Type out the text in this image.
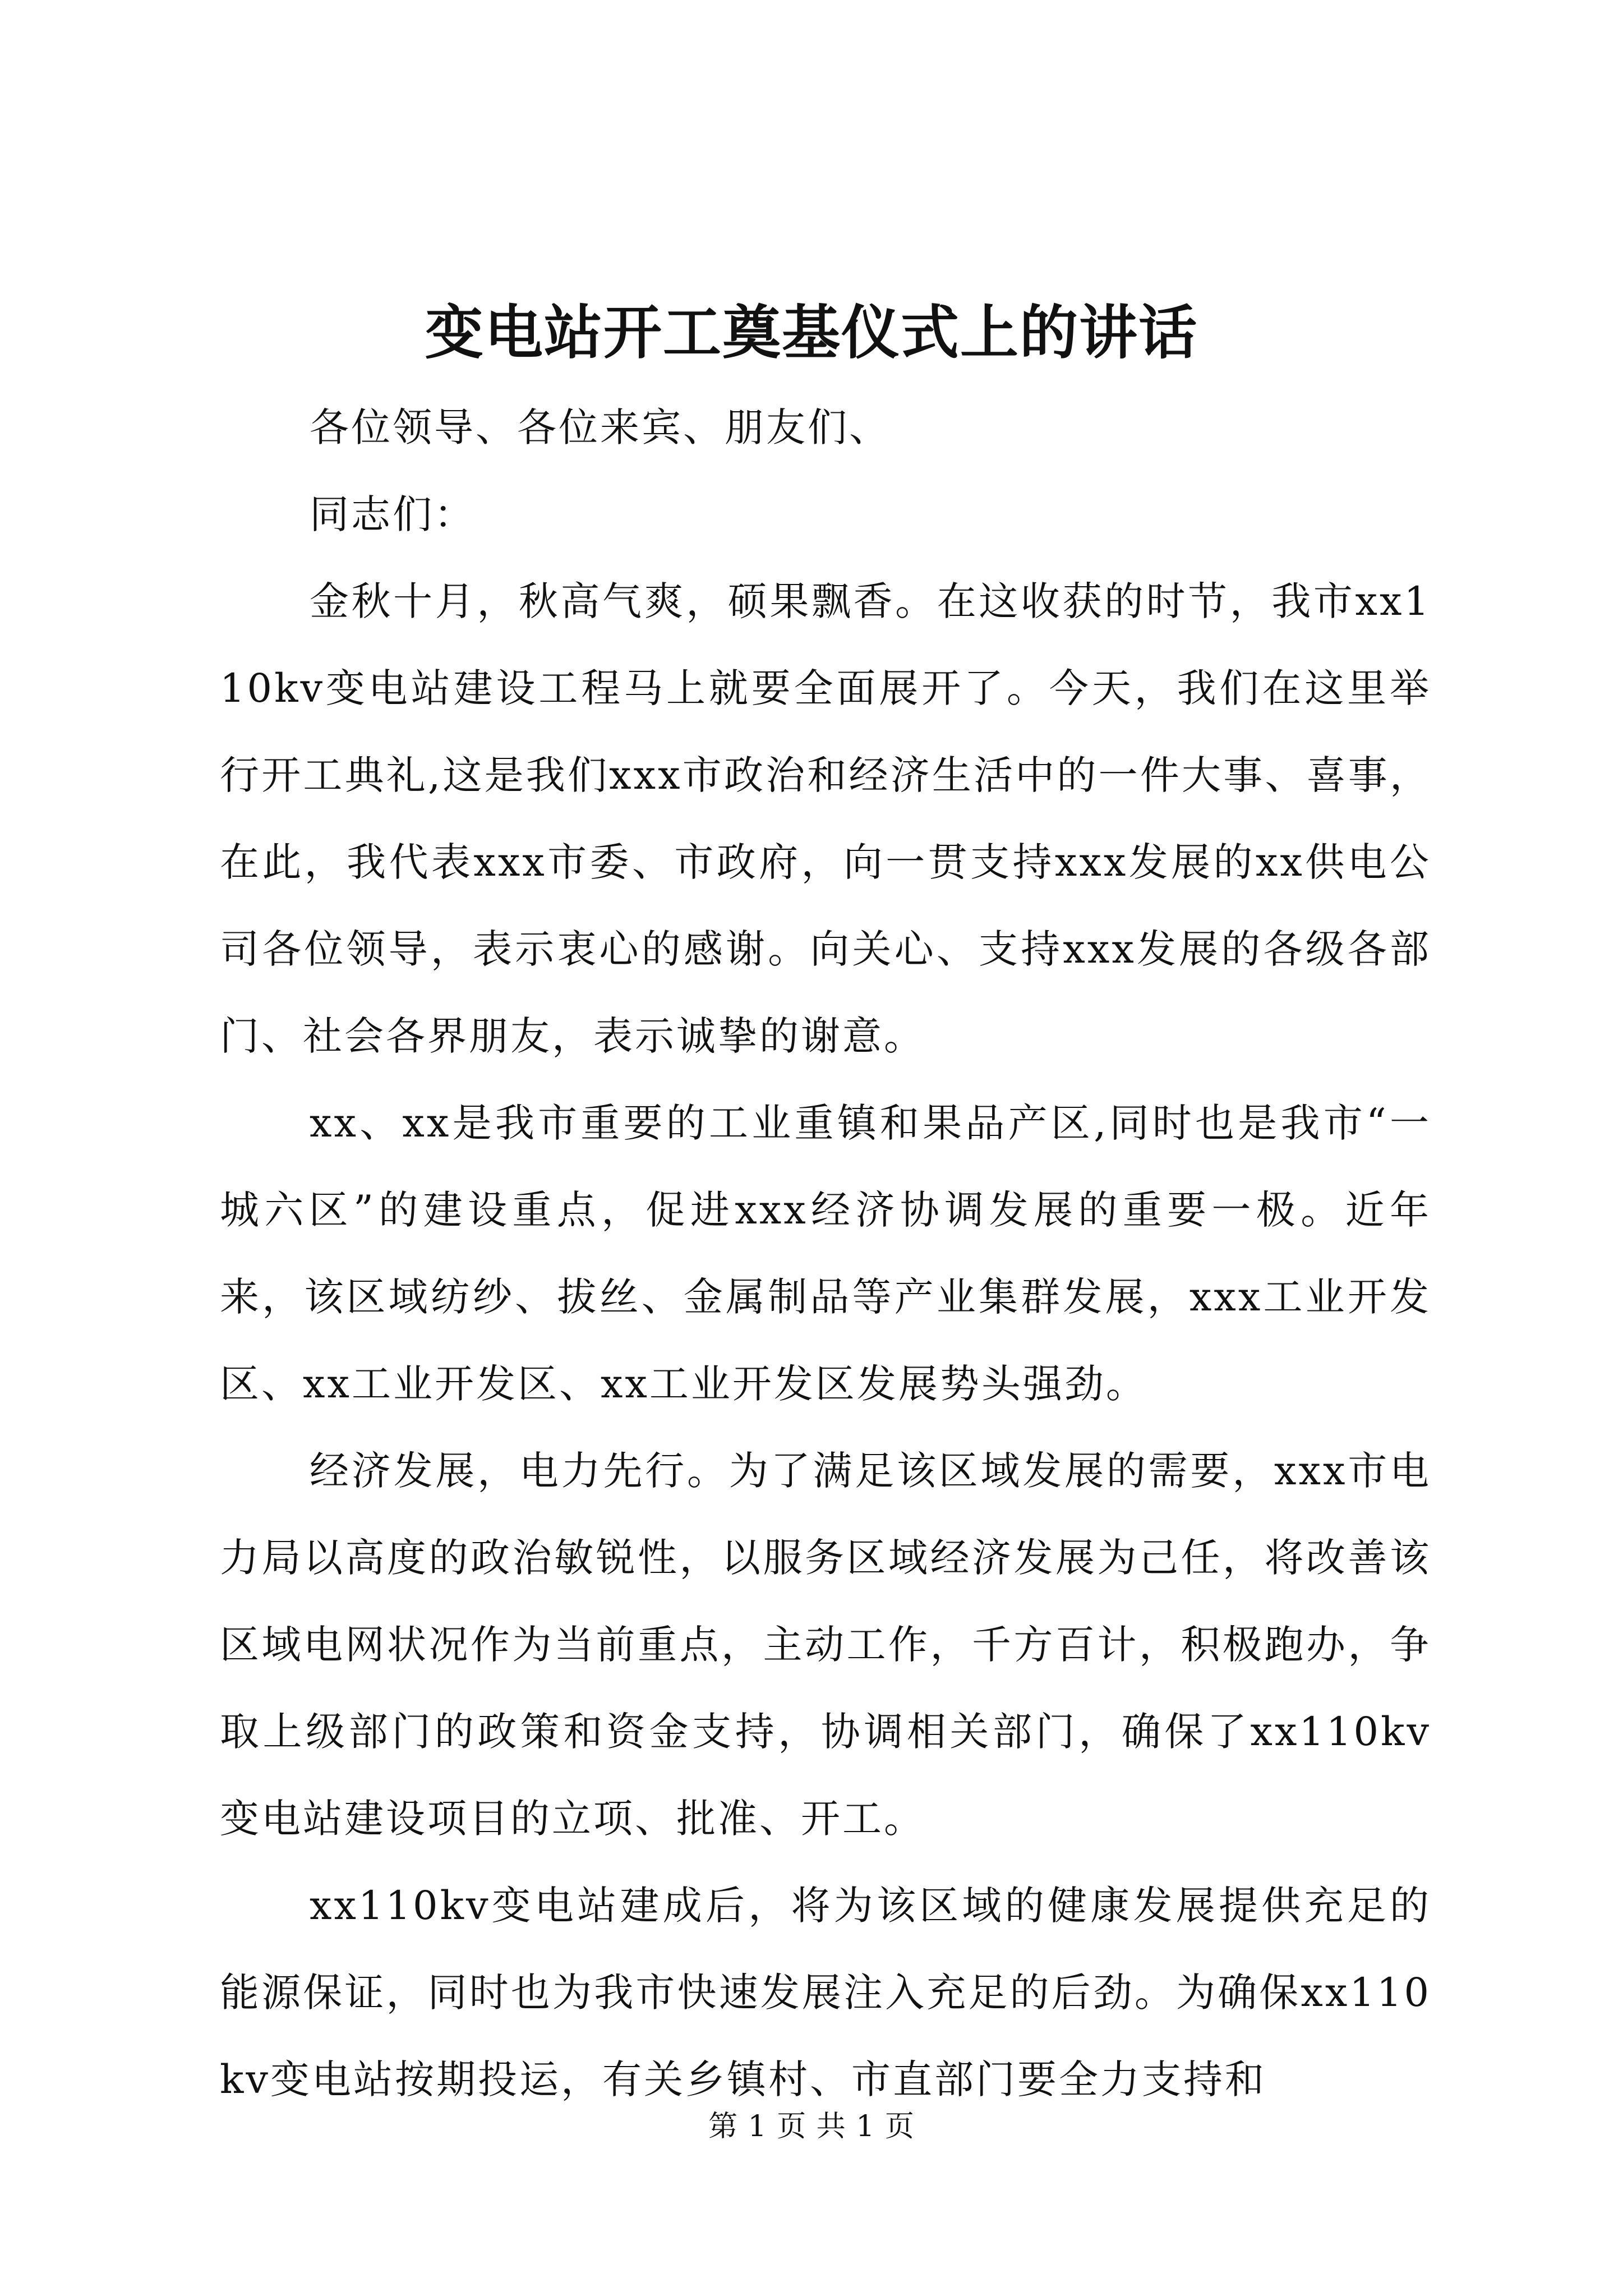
变电站开工奠基仪式上的讲话

各位领导、各位来宾、朋友们、

同志们：

金秋十月，秋高气爽，硕果飘香。在这收获的时节，我市xx110kv变电站建设工程马上就要全面展开了。今天，我们在这里举行开工典礼,这是我们xxx市政治和经济生活中的一件大事、喜事，在此，我代表xxx市委、市政府，向一贯支持xxx发展的xx供电公司各位领导，表示衷心的感谢。向关心、支持xxx发展的各级各部门、社会各界朋友，表示诚挚的谢意。

xx、xx是我市重要的工业重镇和果品产区,同时也是我市“一城六区”的建设重点，促进xxx经济协调发展的重要一极。近年来，该区域纺纱、拔丝、金属制品等产业集群发展，xxx工业开发区、xx工业开发区、xx工业开发区发展势头强劲。

经济发展，电力先行。为了满足该区域发展的需要，xxx市电力局以高度的政治敏锐性，以服务区域经济发展为己任，将改善该区域电网状况作为当前重点，主动工作，千方百计，积极跑办，争取上级部门的政策和资金支持，协调相关部门，确保了xx110kv变电站建设项目的立项、批准、开工。

xx110kv变电站建成后，将为该区域的健康发展提供充足的能源保证，同时也为我市快速发展注入充足的后劲。为确保xx110kv变电站按期投运，有关乡镇村、市直部门要全力支持和

第 1 页 共 1 页
